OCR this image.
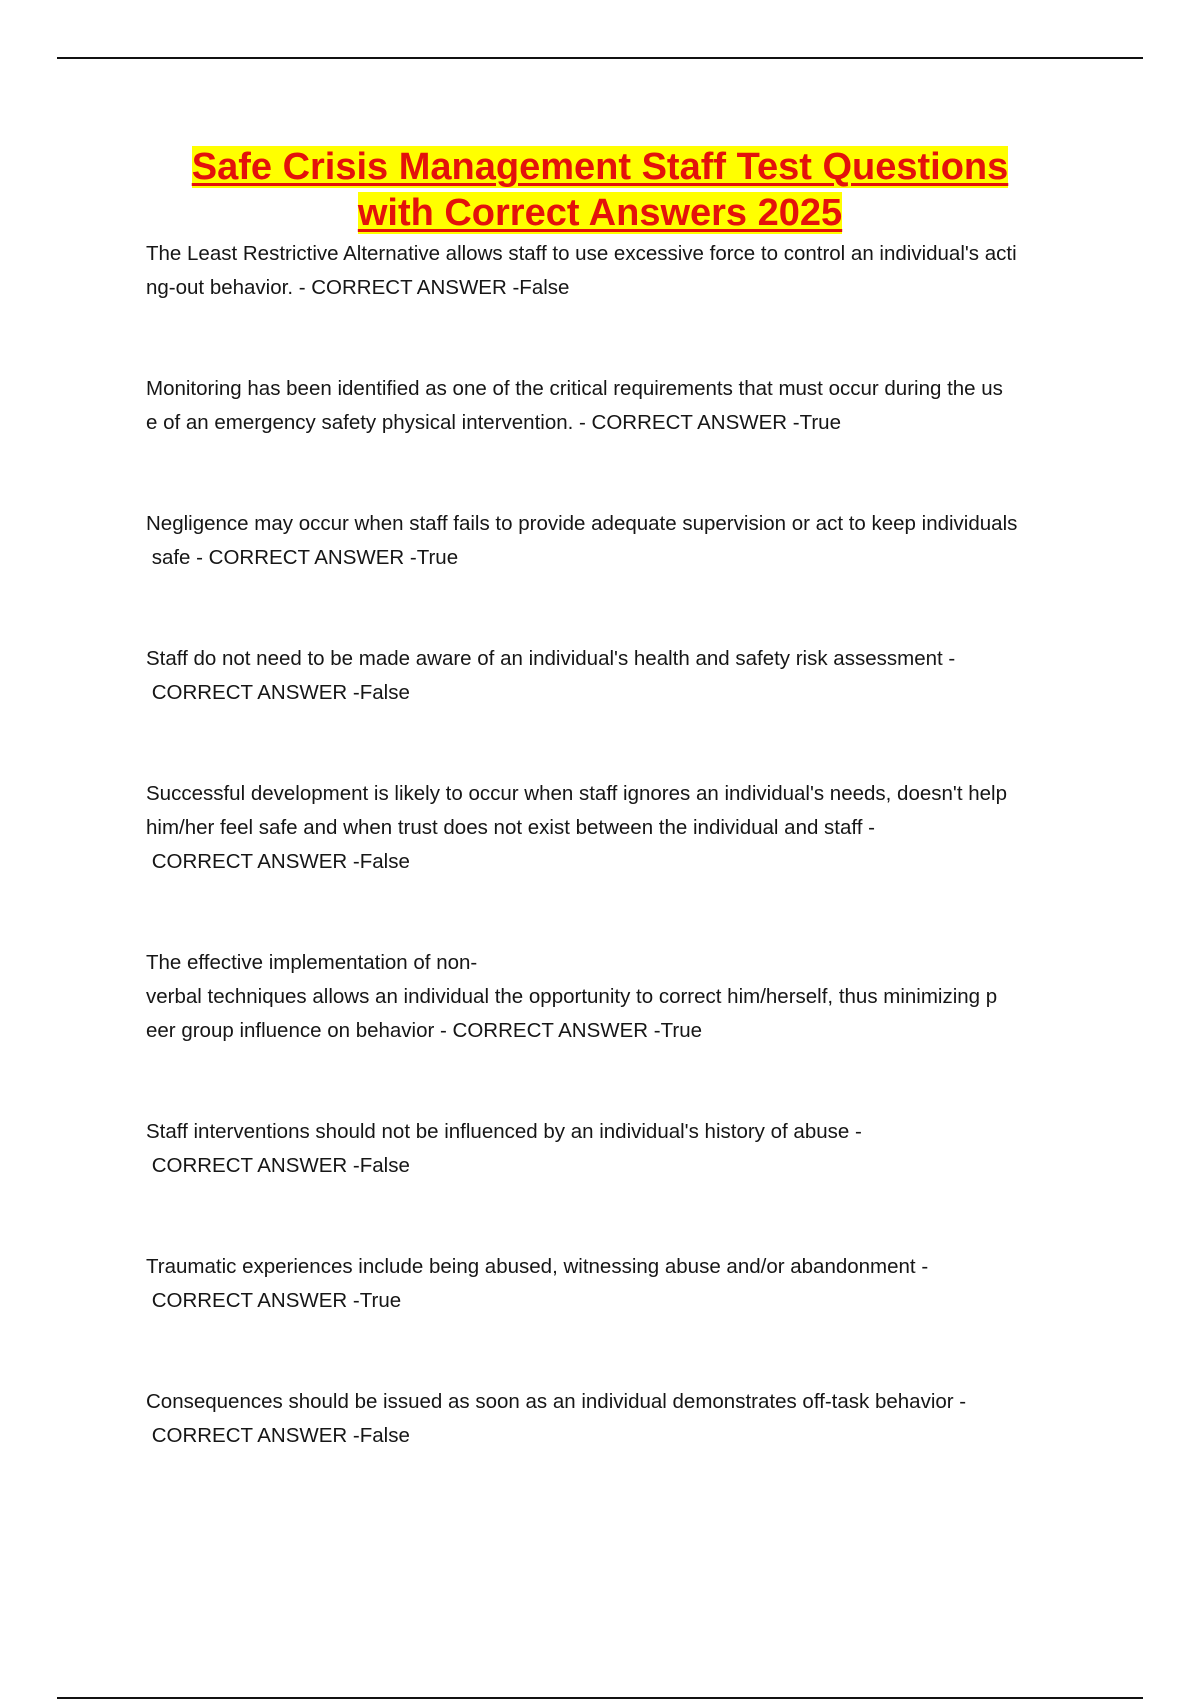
Safe Crisis Management Staff Test Questions
with Correct Answers 2025
The Least Restrictive Alternative allows staff to use excessive force to control an individual's acti
ng-out behavior. - CORRECT ANSWER -False
Monitoring has been identified as one of the critical requirements that must occur during the us
e of an emergency safety physical intervention. - CORRECT ANSWER -True
Negligence may occur when staff fails to provide adequate supervision or act to keep individuals
safe - CORRECT ANSWER -True
Staff do not need to be made aware of an individual's health and safety risk assessment -
CORRECT ANSWER -False
Successful development is likely to occur when staff ignores an individual's needs, doesn't help
him/her feel safe and when trust does not exist between the individual and staff -
CORRECT ANSWER -False
The effective implementation of non-
verbal techniques allows an individual the opportunity to correct him/herself, thus minimizing p
eer group influence on behavior - CORRECT ANSWER -True
Staff interventions should not be influenced by an individual's history of abuse -
CORRECT ANSWER -False
Traumatic experiences include being abused, witnessing abuse and/or abandonment -
CORRECT ANSWER -True
Consequences should be issued as soon as an individual demonstrates off-task behavior -
CORRECT ANSWER -False
